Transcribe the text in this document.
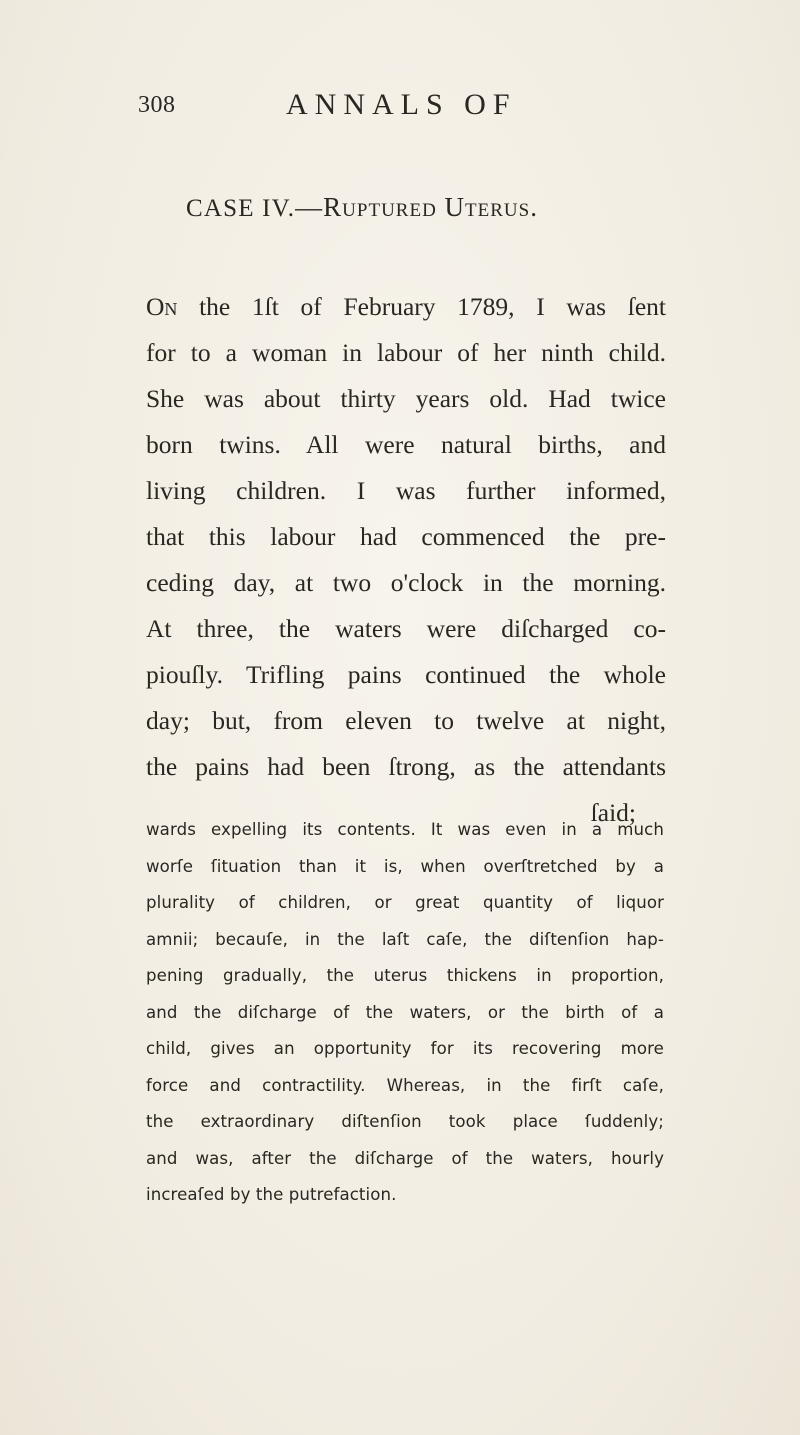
308	ANNALS OF
CASE IV.—Ruptured Uterus.
On the 1ſt of February 1789, I was ſent
for to a woman in labour of her ninth child.
She was about thirty years old. Had twice
born twins. All were natural births, and
living children. I was further informed,
that this labour had commenced the pre-
ceding day, at two o'clock in the morning.
At three, the waters were diſcharged co-
piouſly. Trifling pains continued the whole
day; but, from eleven to twelve at night,
the pains had been ſtrong, as the attendants
ſaid;
wards expelling its contents. It was even in a much
worſe ſituation than it is, when overſtretched by a
plurality of children, or great quantity of liquor
amnii; becauſe, in the laſt caſe, the diſtenſion hap-
pening gradually, the uterus thickens in proportion,
and the diſcharge of the waters, or the birth of a
child, gives an opportunity for its recovering more
force and contractility. Whereas, in the firſt caſe,
the extraordinary diſtenſion took place ſuddenly;
and was, after the diſcharge of the waters, hourly
increaſed by the putrefaction.
